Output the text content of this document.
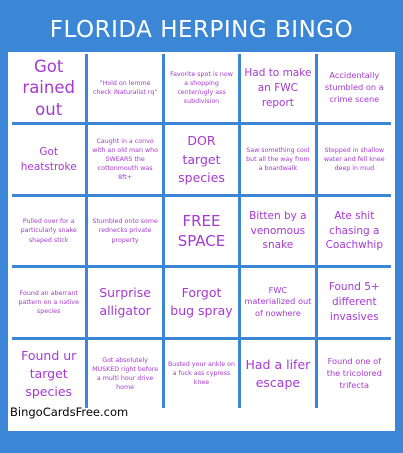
FLORIDA HERPING BINGO
Got rained out
"Hold on lemme check iNaturalist rq"
Favorite spot is now a shopping center/ugly ass subdivision
Had to make an FWC report
Accidentally stumbled on a crime scene
Got heatstroke
Caught in a convo with an old man who SWEARS the cottonmouth was 8ft+
DOR target species
Saw something cool but all the way from a boardwalk
Stepped in shallow water and fell knee deep in mud
Pulled over for a particularly snake shaped stick
Stumbled onto some rednecks private property
FREE SPACE
Bitten by a venomous snake
Ate shit chasing a Coachwhip
Found an aberrant pattern on a native species
Surprise alligator
Forgot bug spray
FWC materialized out of nowhere
Found 5+ different invasives
Found ur target species
Got absolutely MUSKED right before a multi hour drive home
Busted your ankle on a fuck ass cypress knee
Had a lifer escape
Found one of the tricolored trifecta
BingoCardsFree.com
